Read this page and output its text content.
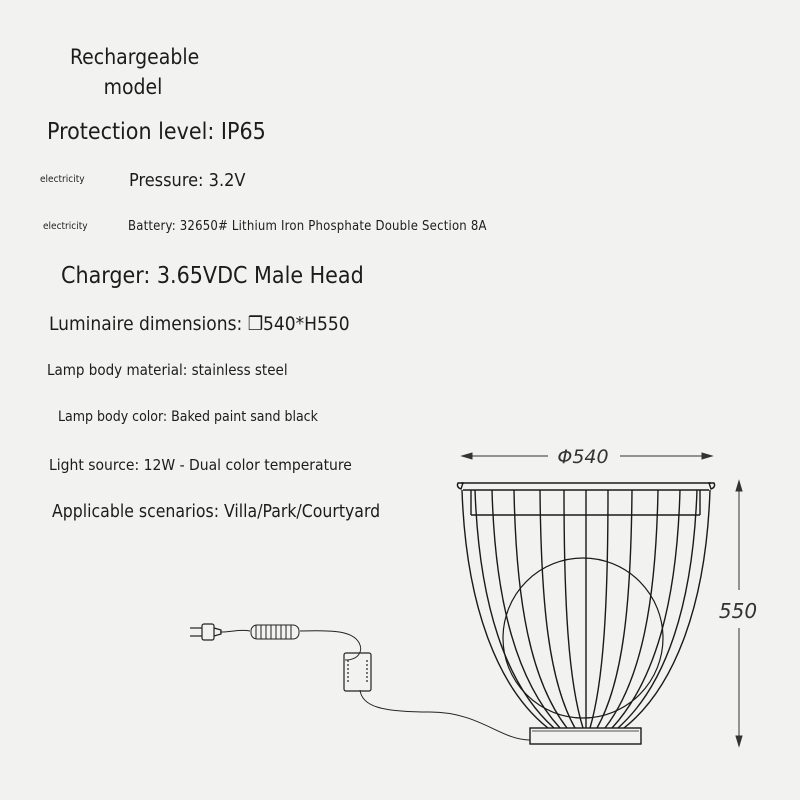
Rechargeable
model

Protection level: IP65

electricity Pressure: 3.2V

electricity	Battery: 32650# Lithium Iron Phosphate Double Section 8A

Charger: 3.65VDC Male Head

Luminaire dimensions: ❒540*H550

Lamp body material: stainless steel

Lamp body color: Baked paint sand black

Light source: 12W - Dual color temperature

Applicable scenarios: Villa/Park/Courtyard

Φ540
550
